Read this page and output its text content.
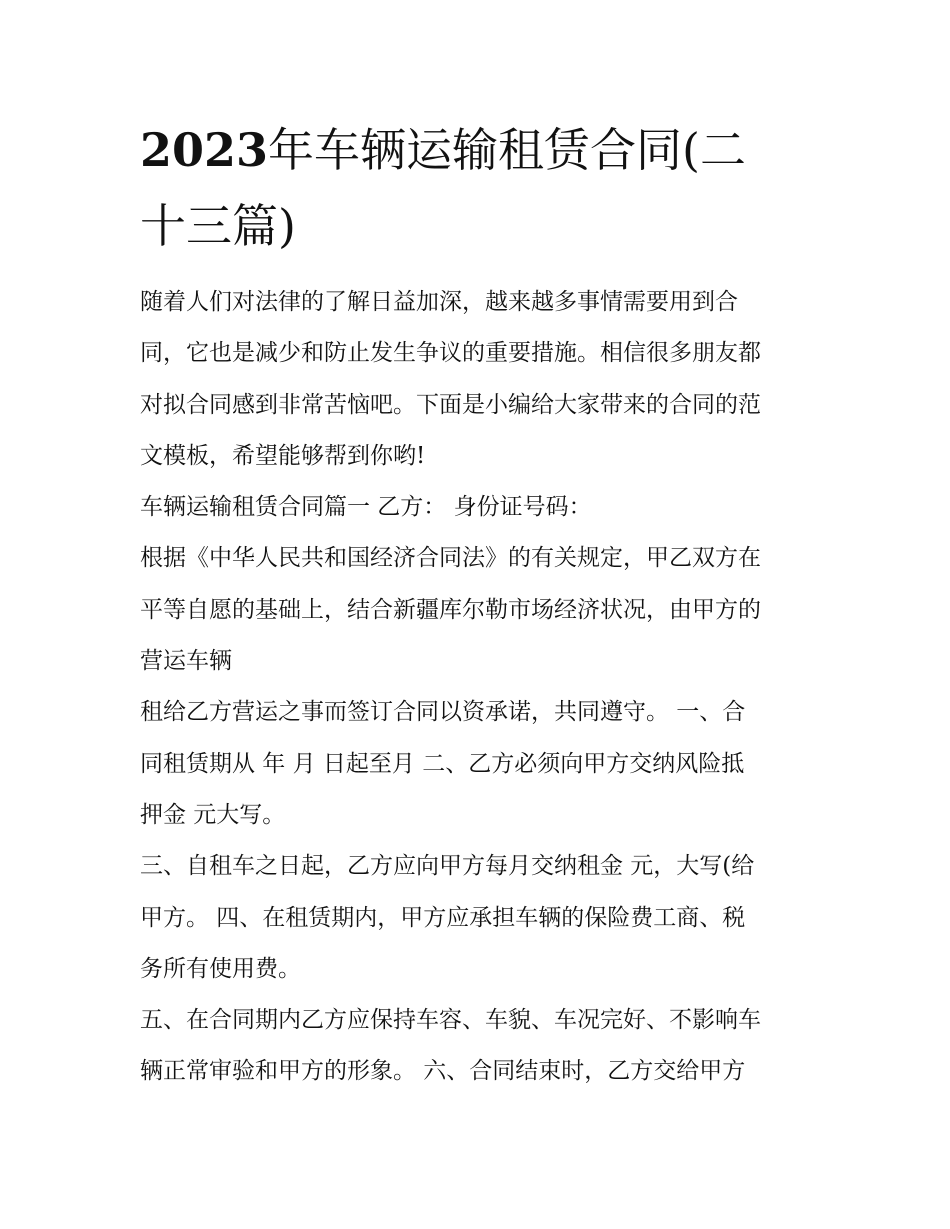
2023年车辆运输租赁合同(二
十三篇)
随着人们对法律的了解日益加深，越来越多事情需要用到合
同，它也是减少和防止发生争议的重要措施。相信很多朋友都
对拟合同感到非常苦恼吧。下面是小编给大家带来的合同的范
文模板，希望能够帮到你哟!
车辆运输租赁合同篇一 乙方： 身份证号码：
根据《中华人民共和国经济合同法》的有关规定，甲乙双方在
平等自愿的基础上，结合新疆库尔勒市场经济状况，由甲方的
营运车辆
租给乙方营运之事而签订合同以资承诺，共同遵守。 一、合
同租赁期从 年 月 日起至月 二、乙方必须向甲方交纳风险抵
押金 元大写。
三、自租车之日起，乙方应向甲方每月交纳租金 元，大写(给
甲方。 四、在租赁期内，甲方应承担车辆的保险费工商、税
务所有使用费。
五、在合同期内乙方应保持车容、车貌、车况完好、不影响车
辆正常审验和甲方的形象。 六、合同结束时，乙方交给甲方
